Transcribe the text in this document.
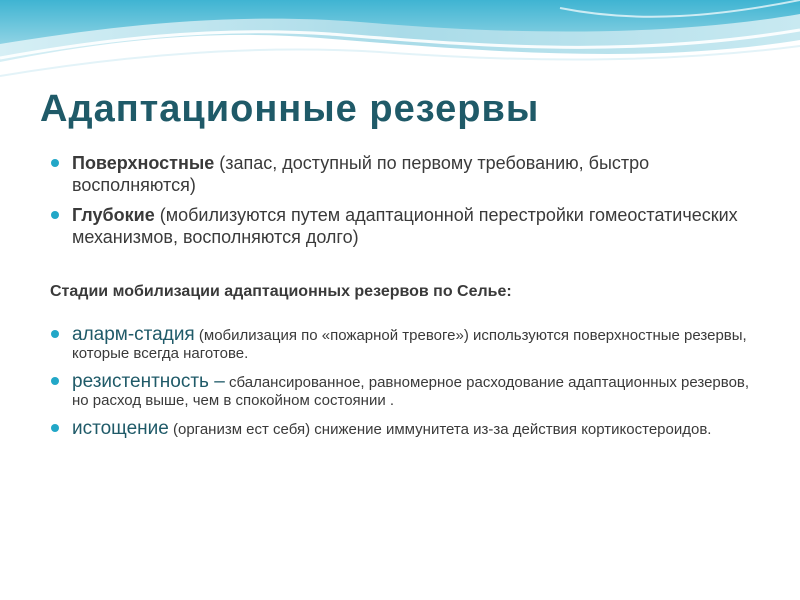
Адаптационные резервы
Поверхностные (запас, доступный по первому требованию, быстро восполняются)
Глубокие (мобилизуются путем адаптационной перестройки гомеостатических механизмов, восполняются долго)
Стадии мобилизации адаптационных резервов по Селье:
аларм-стадия (мобилизация по «пожарной тревоге») используются поверхностные резервы, которые всегда наготове.
резистентность – сбалансированное, равномерное расходование адаптационных резервов, но расход выше, чем в спокойном состоянии .
истощение (организм ест себя) снижение иммунитета из-за действия кортикостероидов.
